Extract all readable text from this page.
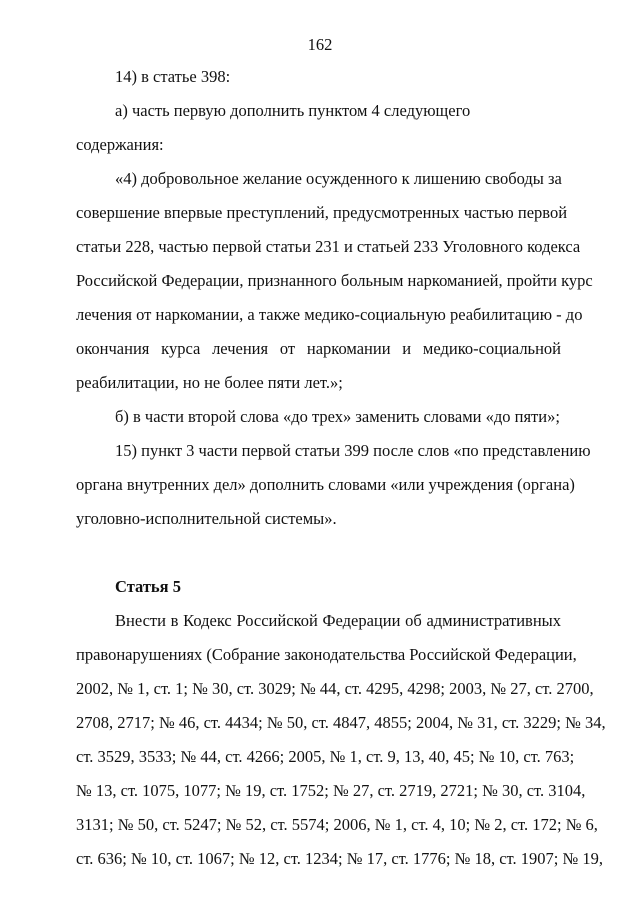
162

14) в статье 398:

а) часть первую дополнить пунктом 4 следующего содержания:

«4) добровольное желание осужденного к лишению свободы за
совершение впервые преступлений, предусмотренных частью первой
статьи 228, частью первой статьи 231 и статьей 233 Уголовного кодекса
Российской Федерации, признанного больным наркоманией, пройти курс
лечения от наркомании, а также медико-социальную реабилитацию - до
окончания курса лечения от наркомании и медико-социальной
реабилитации, но не более пяти лет.»;

б) в части второй слова «до трех» заменить словами «до пяти»;

15) пункт 3 части первой статьи 399 после слов «по представлению
органа внутренних дел» дополнить словами «или учреждения (органа)
уголовно-исполнительной системы».

Статья 5

Внести в Кодекс Российской Федерации об административных
правонарушениях (Собрание законодательства Российской Федерации,
2002, № 1, ст. 1; № 30, ст. 3029; № 44, ст. 4295, 4298; 2003, № 27, ст. 2700,
2708, 2717; № 46, ст. 4434; № 50, ст. 4847, 4855; 2004, № 31, ст. 3229; № 34,
ст. 3529, 3533; № 44, ст. 4266; 2005, № 1, ст. 9, 13, 40, 45; № 10, ст. 763;
№ 13, ст. 1075, 1077; № 19, ст. 1752; № 27, ст. 2719, 2721; № 30, ст. 3104,
3131; № 50, ст. 5247; № 52, ст. 5574; 2006, № 1, ст. 4, 10; № 2, ст. 172; № 6,
ст. 636; № 10, ст. 1067; № 12, ст. 1234; № 17, ст. 1776; № 18, ст. 1907; № 19,
